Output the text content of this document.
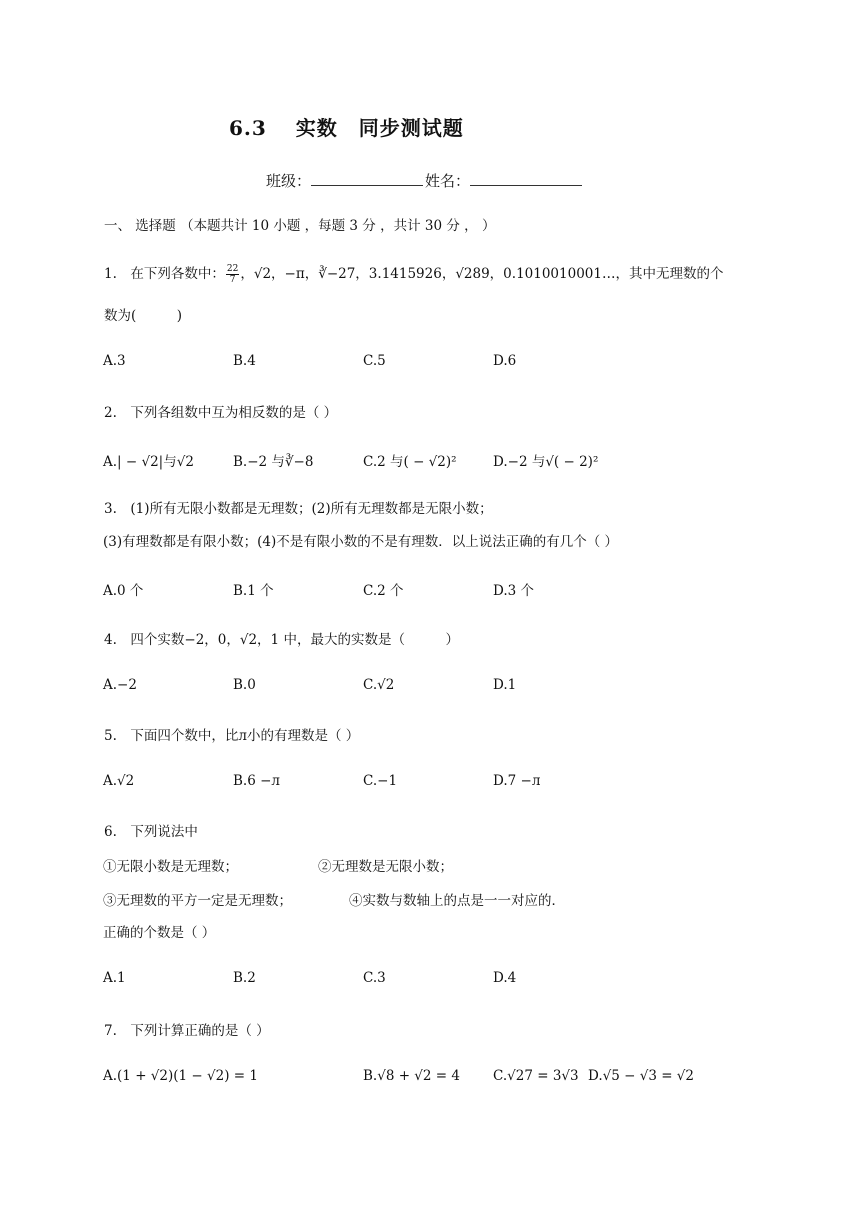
6.3　 实数　同步测试题
班级：	姓名：
一、 选择题 （本题共计 10 小题 ，每题 3 分 ，共计 30 分 ， ）
1. 在下列各数中： $\frac{22}{7}$ ，√2，−π，∛−27，3.1415926，√289，0.1010010001…，其中无理数的个
数为(   )
A.3	B.4	C.5	D.6
2. 下列各组数中互为相反数的是（ ）
A.| − √2|与√2	B.−2 与∛−8	C.2 与( − √2)²	D.−2 与√( − 2)²
3. (1)所有无限小数都是无理数；(2)所有无理数都是无限小数；
(3)有理数都是有限小数；(4)不是有限小数的不是有理数．以上说法正确的有几个（ ）
A.0 个	B.1 个	C.2 个	D.3 个
4. 四个实数−2，0，√2，1 中，最大的实数是（   ）
A.−2	B.0	C.√2	D.1
5. 下面四个数中，比л小的有理数是（ ）
A.√2	B.6 −л	C.−1	D.7 −л
6. 下列说法中
①无限小数是无理数；	②无理数是无限小数；
③无理数的平方一定是无理数；	④实数与数轴上的点是一一对应的．
正确的个数是（ ）
A.1	B.2	C.3	D.4
7. 下列计算正确的是（ ）
A.(1 + √2)(1 − √2) = 1	B.√8 + √2 = 4 C.√27 = 3√3 D.√5 − √3 = √2
